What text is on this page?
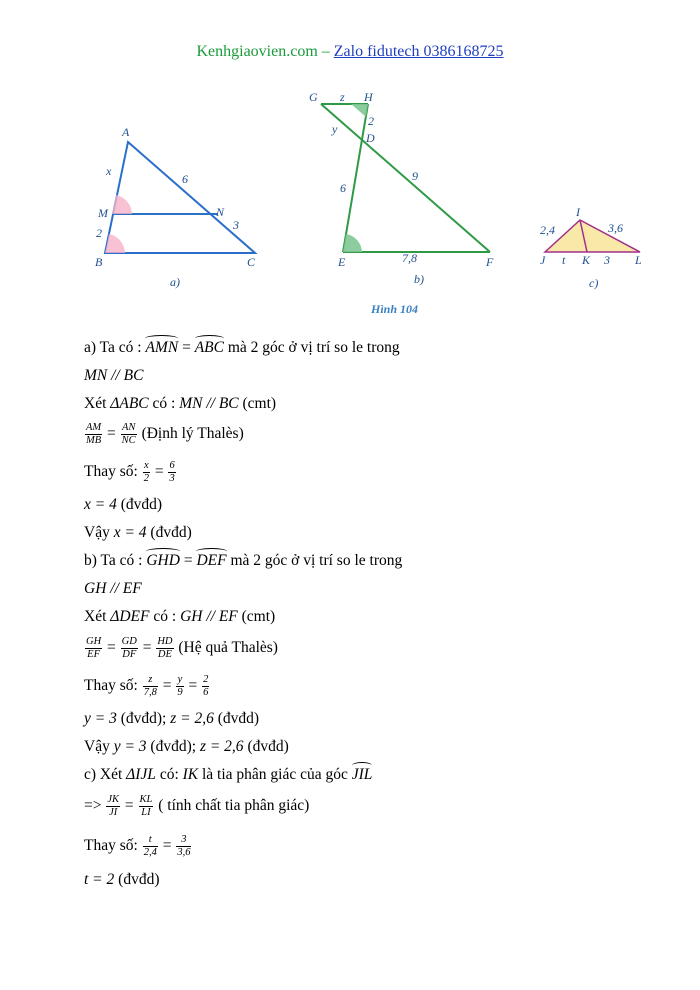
Kenhgiaovien.com – Zalo fidutech 0386168725
A
B	C
M	N
x
6
2
3
a)
G	H
D
E	F
z
y
2
6
9
7,8
b)
I
J	K	L
t
2,4	3,6
3
c)
Hình 104
a) Ta có : AMN = ABC mà 2 góc ở vị trí so le trong
MN // BC
Xét ΔABC có : MN // BC (cmt)
$\frac{AM}{MB} = \frac{AN}{NC}$ (Định lý Thalès)
Thay số: $\frac{x}{2} = \frac{6}{3}$
x = 4 (đvđd)
Vậy x = 4 (đvđd)
b) Ta có : GHD = DEF mà 2 góc ở vị trí so le trong
GH // EF
Xét ΔDEF có : GH // EF (cmt)
$\frac{GH}{EF} = \frac{GD}{DF} = \frac{HD}{DE}$ (Hệ quả Thalès)
Thay số: $\frac{z}{7,8} = \frac{y}{9} = \frac{2}{6}$
y = 3 (đvđd); z = 2,6 (đvđd)
Vậy y = 3 (đvđd); z = 2,6 (đvđd)
c) Xét ΔIJL có: IK là tia phân giác của góc JIL
=> $\frac{JK}{JI} = \frac{KL}{LI}$ ( tính chất tia phân giác)
Thay số: $\frac{t}{2,4} = \frac{3}{3,6}$
t = 2 (đvđd)
